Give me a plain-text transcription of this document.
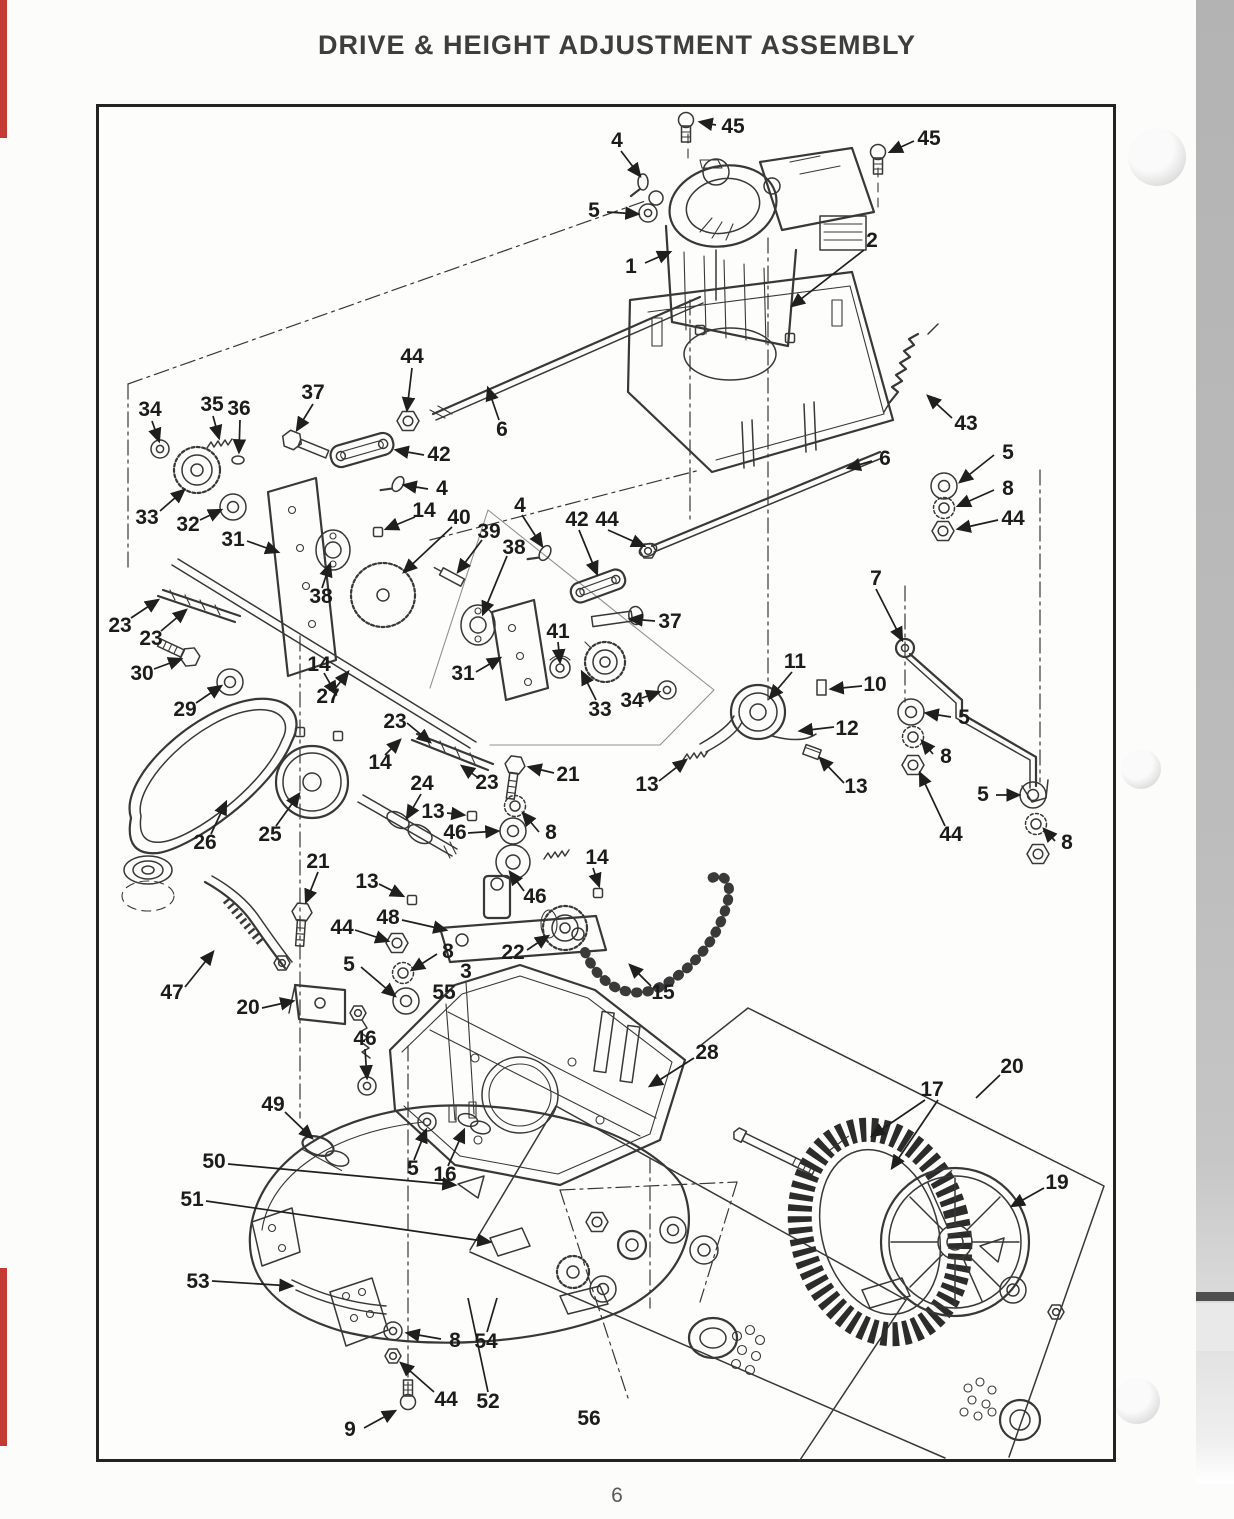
DRIVE & HEIGHT ADJUSTMENT ASSEMBLY
45
4	45
5
1
2
44
37
34 35 36
6	43
42
4
5
8
44
6
33 32
31
14 40
39
38
4
42 44
38
23
23
37
41
30
29
14
27
31
33 34
7
11
10
12	5
8
13	13	5
23
21
23
14
24
13
46	8
26 25	44	8
14
21
13
46
48
44
22
8
5	3
55	15
47
20
46
28
20
17
49
50
51
5 16	19
53
8 54
44 52
9	56
6
